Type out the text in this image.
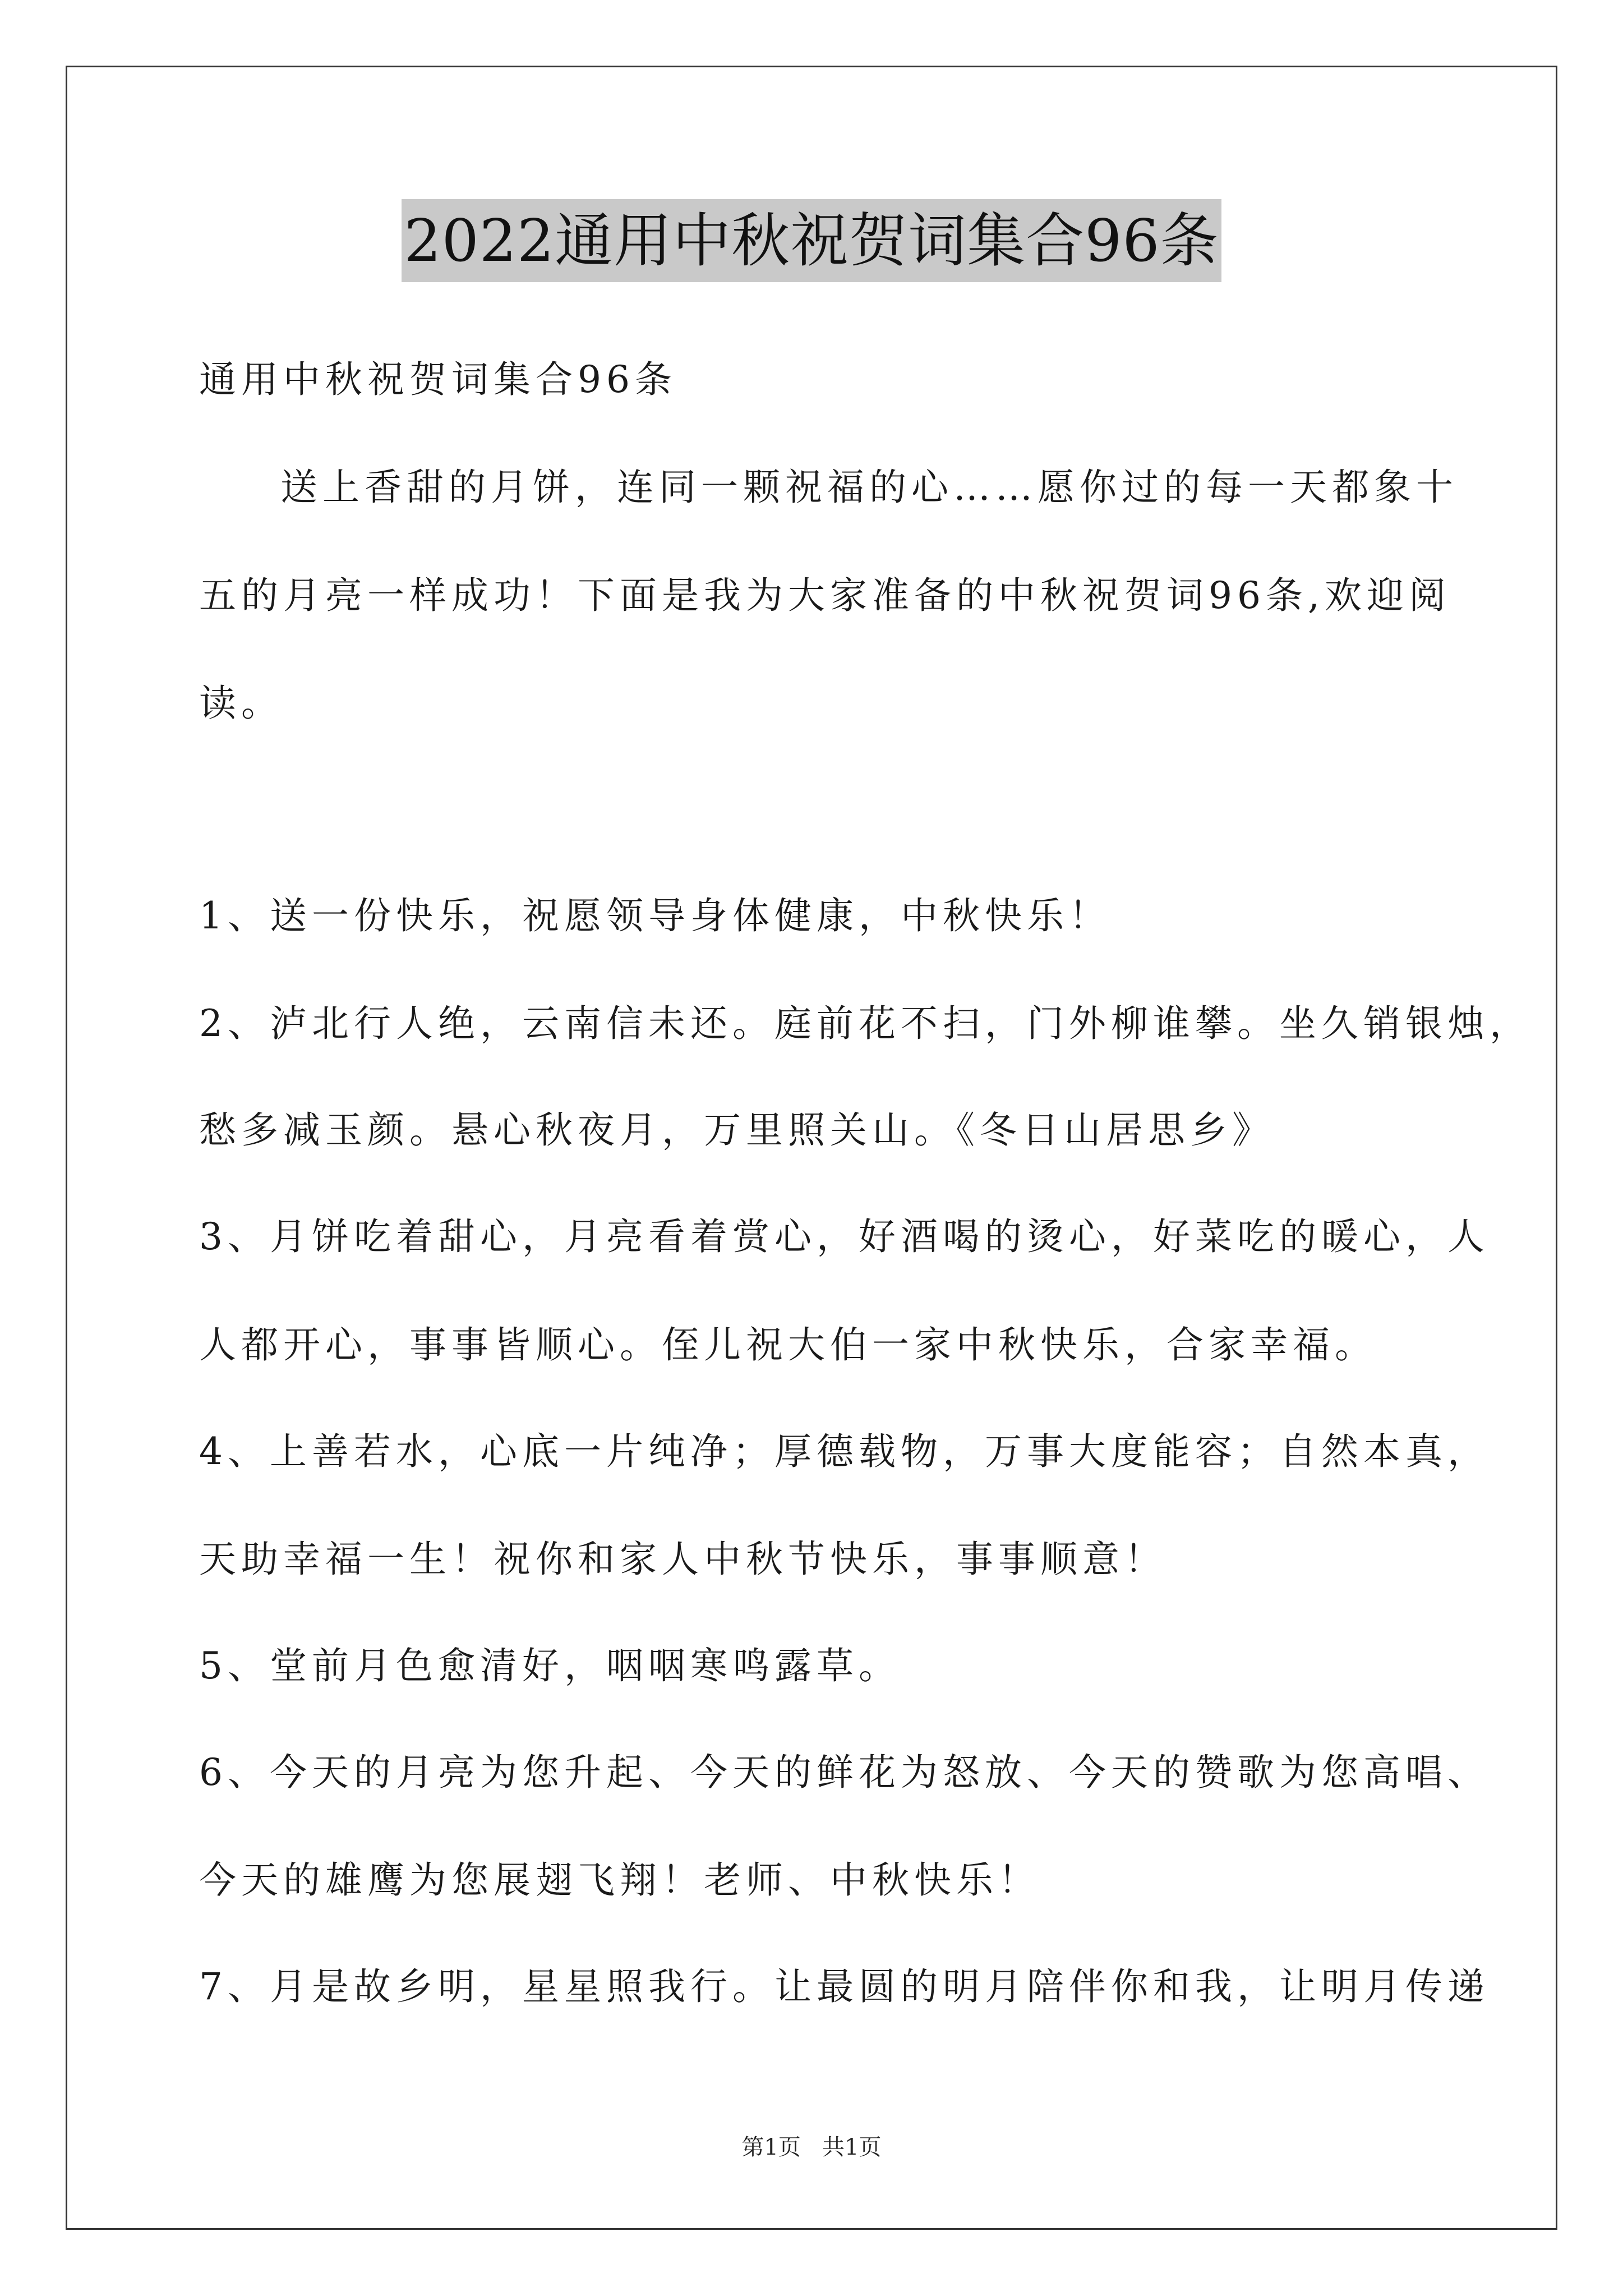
2022通用中秋祝贺词集合96条
通用中秋祝贺词集合96条
送上香甜的月饼，连同一颗祝福的心……愿你过的每一天都象十
五的月亮一样成功！下面是我为大家准备的中秋祝贺词96条,欢迎阅
读。
1、送一份快乐，祝愿领导身体健康，中秋快乐！
2、泸北行人绝，云南信未还。庭前花不扫，门外柳谁攀。坐久销银烛，
愁多减玉颜。悬心秋夜月，万里照关山。《冬日山居思乡》
3、月饼吃着甜心，月亮看着赏心，好酒喝的烫心，好菜吃的暖心，人
人都开心，事事皆顺心。侄儿祝大伯一家中秋快乐，合家幸福。
4、上善若水，心底一片纯净；厚德载物，万事大度能容；自然本真，
天助幸福一生！祝你和家人中秋节快乐，事事顺意！
5、堂前月色愈清好，咽咽寒鸣露草。
6、今天的月亮为您升起、今天的鲜花为怒放、今天的赞歌为您高唱、
今天的雄鹰为您展翅飞翔！老师、中秋快乐！
7、月是故乡明，星星照我行。让最圆的明月陪伴你和我，让明月传递
第1页   共1页
